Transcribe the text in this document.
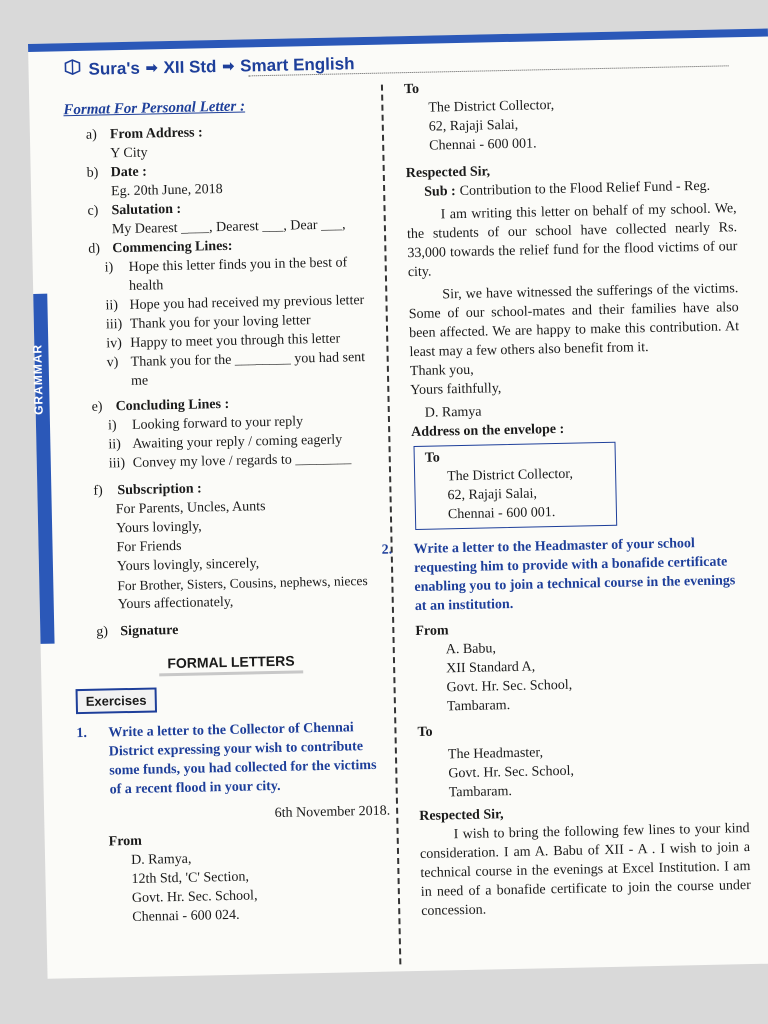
GRAMMAR
Sura's ➡ XII Std ➡ Smart English
Format For Personal Letter :
a) From Address :
Y City
b) Date :
Eg. 20th June, 2018
c) Salutation :
My Dearest ____, Dearest ___, Dear ___,
d) Commencing Lines:
i)	Hope this letter finds you in the best of health
ii) Hope you had received my previous letter
iii) Thank you for your loving letter
iv) Happy to meet you through this letter
v) Thank you for the ________ you had sent me
e) Concluding Lines :
i)	Looking forward to your reply
ii) Awaiting your reply / coming eagerly
iii) Convey my love / regards to ________
f)	Subscription :
For Parents, Uncles, Aunts
Yours lovingly,
For Friends
Yours lovingly, sincerely,
For Brother, Sisters, Cousins, nephews, nieces
Yours affectionately,
g) Signature
FORMAL LETTERS
Exercises
1.	Write a letter to the Collector of Chennai District expressing your wish to contribute some funds, you had collected for the victims of a recent flood in your city.
6th November 2018.
From
D. Ramya,
12th Std, 'C' Section,
Govt. Hr. Sec. School,
Chennai - 600 024.
To
The District Collector,
62, Rajaji Salai,
Chennai - 600 001.
Respected Sir,
Sub : Contribution to the Flood Relief Fund - Reg.

I am writing this letter on behalf of my school. We, the students of our school have collected nearly Rs. 33,000 towards the relief fund for the flood victims of our city.

Sir, we have witnessed the sufferings of the victims. Some of our school-mates and their families have also been affected. We are happy to make this contribution. At least may a few others also benefit from it.

Thank you,
Yours faithfully,
D. Ramya
Address on the envelope :
To
The District Collector,
62, Rajaji Salai,
Chennai - 600 001.
2.	Write a letter to the Headmaster of your school requesting him to provide with a bonafide certificate enabling you to join a technical course in the evenings at an institution.
From
A. Babu,
XII Standard A,
Govt. Hr. Sec. School,
Tambaram.
To
The Headmaster,
Govt. Hr. Sec. School,
Tambaram.
Respected Sir,

I wish to bring the following few lines to your kind consideration. I am A. Babu of XII - A . I wish to join a technical course in the evenings at Excel Institution. I am in need of a bonafide certificate to join the course under concession.
